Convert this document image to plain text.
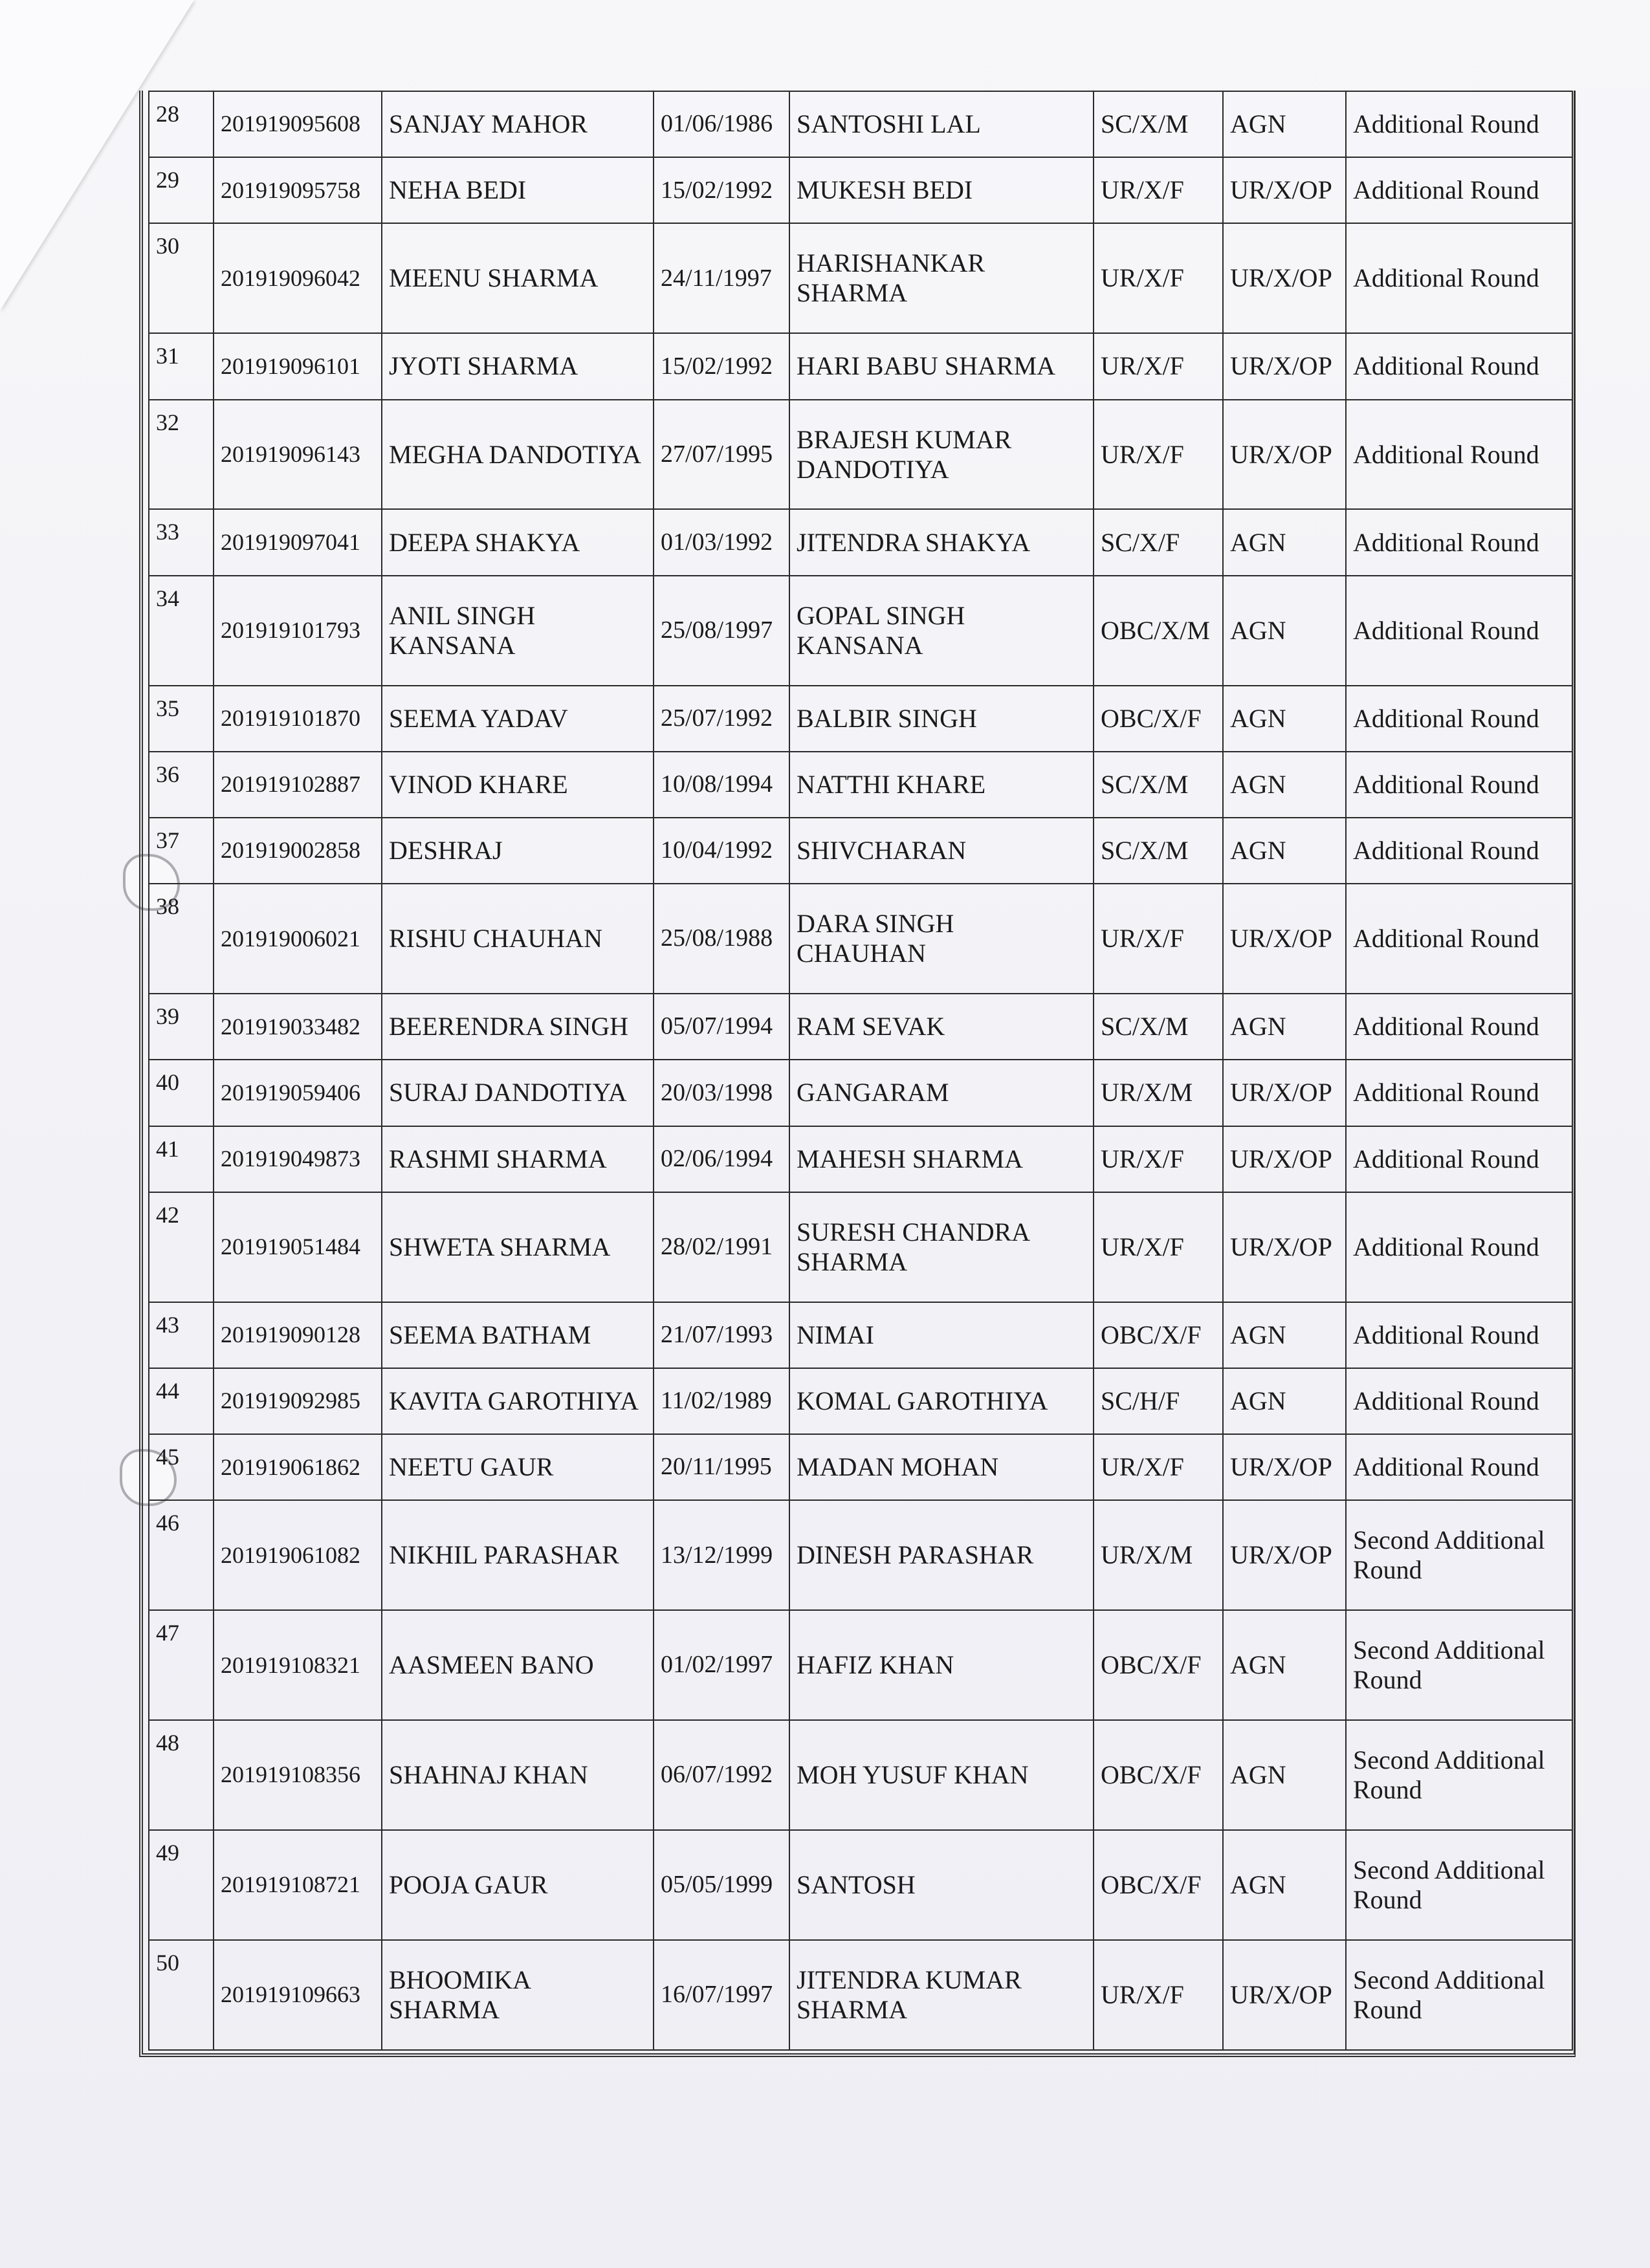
28	201919095608	SANJAY MAHOR	01/06/1986	SANTOSHI LAL	SC/X/M	AGN	Additional Round
29	201919095758	NEHA BEDI	15/02/1992	MUKESH BEDI	UR/X/F	UR/X/OP	Additional Round
30	201919096042	MEENU SHARMA	24/11/1997	HARISHANKAR SHARMA	UR/X/F	UR/X/OP	Additional Round
31	201919096101	JYOTI SHARMA	15/02/1992	HARI BABU SHARMA	UR/X/F	UR/X/OP	Additional Round
32	201919096143	MEGHA DANDOTIYA	27/07/1995	BRAJESH KUMAR DANDOTIYA	UR/X/F	UR/X/OP	Additional Round
33	201919097041	DEEPA SHAKYA	01/03/1992	JITENDRA SHAKYA	SC/X/F	AGN	Additional Round
34	201919101793	ANIL SINGH KANSANA	25/08/1997	GOPAL SINGH KANSANA	OBC/X/M	AGN	Additional Round
35	201919101870	SEEMA YADAV	25/07/1992	BALBIR SINGH	OBC/X/F	AGN	Additional Round
36	201919102887	VINOD KHARE	10/08/1994	NATTHI KHARE	SC/X/M	AGN	Additional Round
37	201919002858	DESHRAJ	10/04/1992	SHIVCHARAN	SC/X/M	AGN	Additional Round
38	201919006021	RISHU CHAUHAN	25/08/1988	DARA SINGH CHAUHAN	UR/X/F	UR/X/OP	Additional Round
39	201919033482	BEERENDRA SINGH	05/07/1994	RAM SEVAK	SC/X/M	AGN	Additional Round
40	201919059406	SURAJ DANDOTIYA	20/03/1998	GANGARAM	UR/X/M	UR/X/OP	Additional Round
41	201919049873	RASHMI SHARMA	02/06/1994	MAHESH SHARMA	UR/X/F	UR/X/OP	Additional Round
42	201919051484	SHWETA SHARMA	28/02/1991	SURESH CHANDRA SHARMA	UR/X/F	UR/X/OP	Additional Round
43	201919090128	SEEMA BATHAM	21/07/1993	NIMAI	OBC/X/F	AGN	Additional Round
44	201919092985	KAVITA GAROTHIYA	11/02/1989	KOMAL GAROTHIYA	SC/H/F	AGN	Additional Round
45	201919061862	NEETU GAUR	20/11/1995	MADAN MOHAN	UR/X/F	UR/X/OP	Additional Round
46	201919061082	NIKHIL PARASHAR	13/12/1999	DINESH PARASHAR	UR/X/M	UR/X/OP	Second Additional Round
47	201919108321	AASMEEN BANO	01/02/1997	HAFIZ KHAN	OBC/X/F	AGN	Second Additional Round
48	201919108356	SHAHNAJ KHAN	06/07/1992	MOH YUSUF KHAN	OBC/X/F	AGN	Second Additional Round
49	201919108721	POOJA GAUR	05/05/1999	SANTOSH	OBC/X/F	AGN	Second Additional Round
50	201919109663	BHOOMIKA SHARMA	16/07/1997	JITENDRA KUMAR SHARMA	UR/X/F	UR/X/OP	Second Additional Round
